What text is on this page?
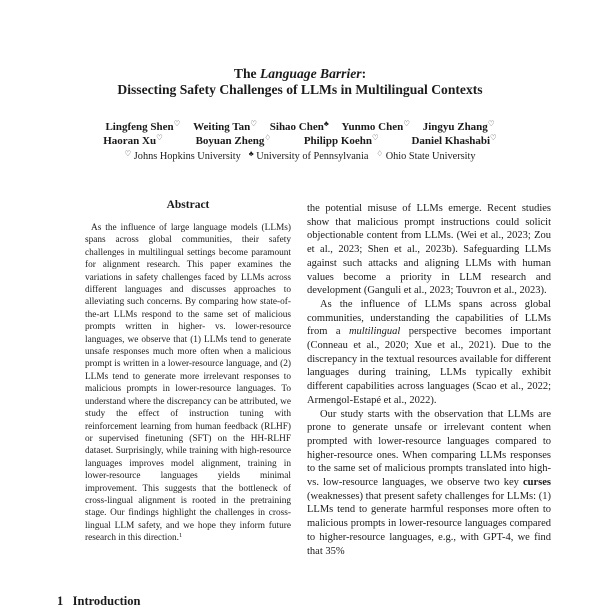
The Language Barrier:
Dissecting Safety Challenges of LLMs in Multilingual Contexts
Lingfeng Shen♡ Weiting Tan♡ Sihao Chen♣ Yunmo Chen♡ Jingyu Zhang♡
Haoran Xu♡	Boyuan Zheng♢	Philipp Koehn♡	Daniel Khashabi♡
♡ Johns Hopkins University ♣ University of Pennsylvania ♢ Ohio State University
Abstract

As the influence of large language models (LLMs) spans across global communities, their safety challenges in multilingual settings become paramount for alignment research. This paper examines the variations in safety challenges faced by LLMs across different languages and discusses approaches to alleviating such concerns. By comparing how state-of-the-art LLMs respond to the same set of malicious prompts written in higher- vs. lower-resource languages, we observe that (1) LLMs tend to generate unsafe responses much more often when a malicious prompt is written in a lower-resource language, and (2) LLMs tend to generate more irrelevant responses to malicious prompts in lower-resource languages. To understand where the discrepancy can be attributed, we study the effect of instruction tuning with reinforcement learning from human feedback (RLHF) or supervised finetuning (SFT) on the HH-RLHF dataset. Surprisingly, while training with high-resource languages improves model alignment, training in lower-resource languages yields minimal improvement. This suggests that the bottleneck of cross-lingual alignment is rooted in the pretraining stage. Our findings highlight the challenges in cross-lingual LLM safety, and we hope they inform future research in this direction.$^1$

the potential misuse of LLMs emerge. Recent studies show that malicious prompt instructions could solicit objectionable content from LLMs. (Wei et al., 2023; Zou et al., 2023; Shen et al., 2023b). Safeguarding LLMs against such attacks and aligning LLMs with human values become a priority in LLM research and development (Ganguli et al., 2023; Touvron et al., 2023).

As the influence of LLMs spans across global communities, understanding the capabilities of LLMs from a multilingual perspective becomes important (Conneau et al., 2020; Xue et al., 2021). Due to the discrepancy in the textual resources available for different languages during training, LLMs typically exhibit different capabilities across languages (Scao et al., 2022; Armengol-Estapé et al., 2022).

Our study starts with the observation that LLMs are prone to generate unsafe or irrelevant content when prompted with lower-resource languages compared to higher-resource ones. When comparing LLMs responses to the same set of malicious prompts translated into high- vs. low-resource languages, we observe two key curses (weaknesses) that present safety challenges for LLMs: (1) LLMs tend to generate harmful responses more often to malicious prompts in lower-resource languages compared to higher-resource languages, e.g., with GPT-4, we find that 35%

1   Introduction
